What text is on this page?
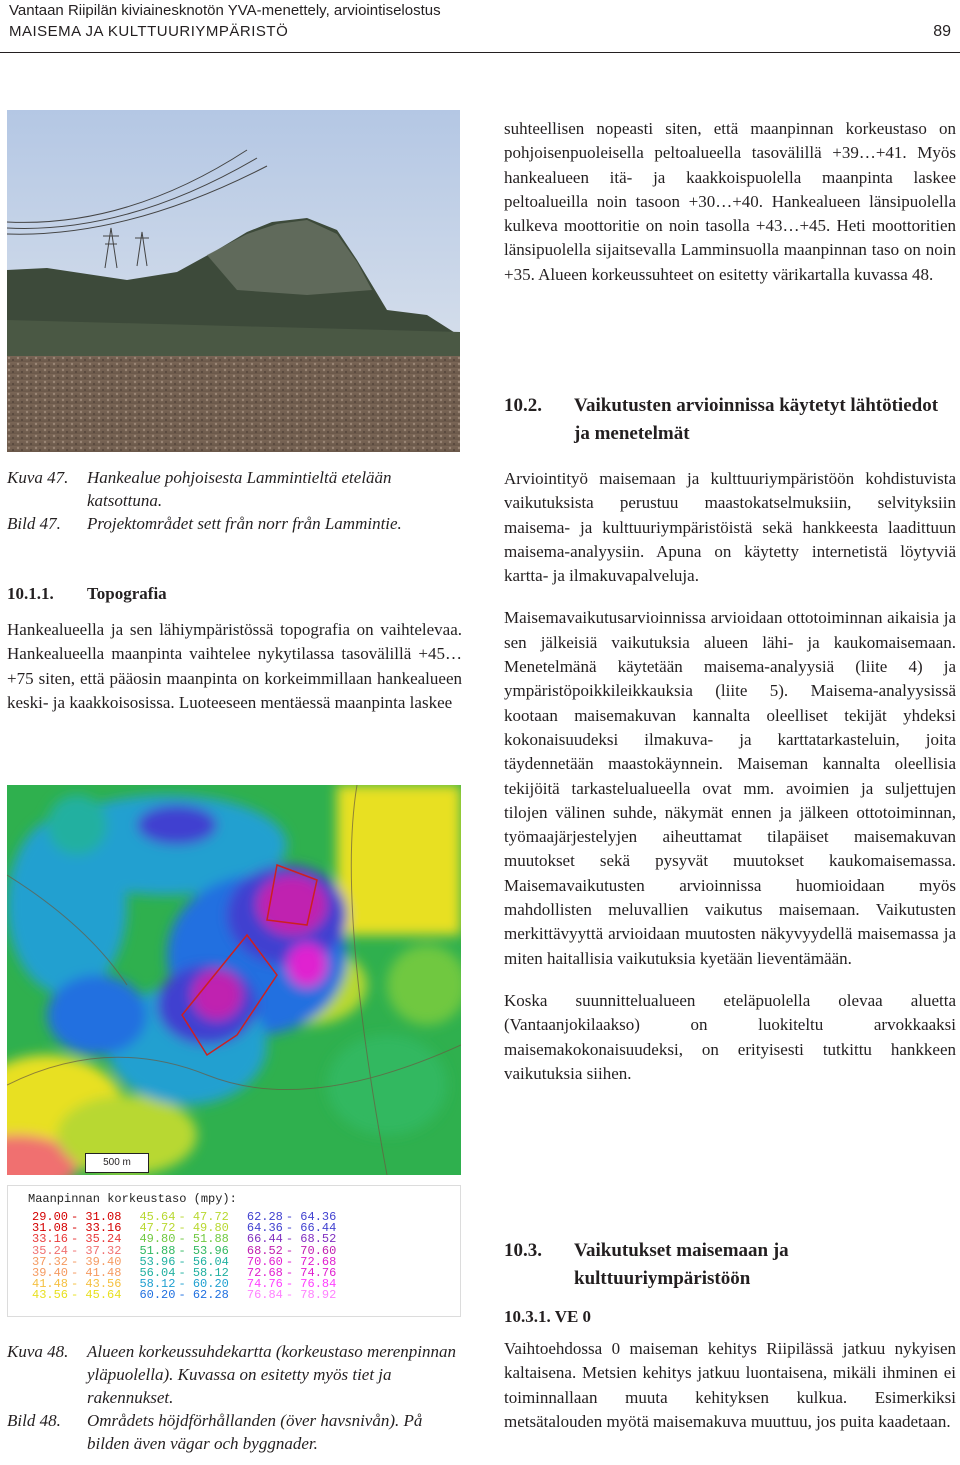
Vantaan Riipilän kiviainesknotön YVA-menettely, arviointiselostus
MAISEMA JA KULTTUURIYMPÄRISTÖ	89
Kuva 47.	Hankealue pohjoisesta Lammintieltä etelään katsottuna.
Bild 47.	Projektområdet sett från norr från Lammintie.
10.1.1.	Topografia

Hankealueella ja sen lähiympäristössä topografia on vaihtelevaa. Hankealueella maanpinta vaihtelee nykytilassa tasovälillä +45…+75 siten, että pääosin maanpinta on korkeimmillaan hankealueen keski- ja kaakkoisosissa. Luoteeseen mentäessä maanpinta laskee

500 m
Maanpinnan korkeustaso (mpy):
29.00	- 31.08	45.64	- 47.72	62.28	- 64.36
31.08	- 33.16	47.72	- 49.80	64.36	- 66.44
33.16	- 35.24	49.80	- 51.88	66.44	- 68.52
35.24	- 37.32	51.88	- 53.96	68.52	- 70.60
37.32	- 39.40	53.96	- 56.04	70.60	- 72.68
39.40	- 41.48	56.04	- 58.12	72.68	- 74.76
41.48	- 43.56	58.12	- 60.20	74.76	- 76.84
43.56	- 45.64	60.20	- 62.28	76.84	- 78.92
Kuva 48.	Alueen korkeussuhdekartta (korkeustaso merenpinnan yläpuolella). Kuvassa on esitetty myös tiet ja rakennukset.
Bild 48.	Områdets höjdförhållanden (över havsnivån). På bilden även vägar och byggnader.

suhteellisen nopeasti siten, että maanpinnan korkeustaso on pohjoisenpuoleisella peltoalueella tasovälillä +39…+41. Myös hankealueen itä- ja kaakkoispuolella maanpinta laskee peltoalueilla noin tasoon +30…+40. Hankealueen länsipuolella kulkeva moottoritie on noin tasolla +43…+45. Heti moottoritien länsipuolella sijaitsevalla Lamminsuolla maanpinnan taso on noin +35. Alueen korkeussuhteet on esitetty värikartalla kuvassa 48.

10.2.	Vaikutusten arvioinnissa käytetyt lähtötiedot ja menetelmät

Arviointityö maisemaan ja kulttuuriympäristöön kohdistuvista vaikutuksista perustuu maastokatselmuksiin, selvityksiin maisema- ja kulttuuriympäristöistä sekä hankkeesta laadittuun maisema-analyysiin. Apuna on käytetty internetistä löytyviä kartta- ja ilmakuvapalveluja.

Maisemavaikutusarvioinnissa arvioidaan ottotoiminnan aikaisia ja sen jälkeisiä vaikutuksia alueen lähi- ja kaukomaisemaan. Menetelmänä käytetään maisema-analyysiä (liite 4) ja ympäristöpoikkileikkauksia (liite 5). Maisema-analyysissä kootaan maisemakuvan kannalta oleelliset tekijät yhdeksi kokonaisuudeksi ilmakuva- ja karttatarkasteluin, joita täydennetään maastokäynnein. Maiseman kannalta oleellisia tekijöitä tarkastelualueella ovat mm. avoimien ja suljettujen tilojen välinen suhde, näkymät ennen ja jälkeen ottotoiminnan, työmaajärjestelyjen aiheuttamat tilapäiset maisemakuvan muutokset sekä pysyvät muutokset kaukomaisemassa. Maisemavaikutusten arvioinnissa huomioidaan myös mahdollisten meluvallien vaikutus maisemaan. Vaikutusten merkittävyyttä arvioidaan muutosten näkyvyydellä maisemassa ja miten haitallisia vaikutuksia kyetään lieventämään.

Koska suunnittelualueen eteläpuolella olevaa aluetta (Vantaanjokilaakso) on luokiteltu arvokkaaksi maisemakokonaisuudeksi, on erityisesti tutkittu hankkeen vaikutuksia siihen.

10.3.	Vaikutukset maisemaan ja kulttuuriympäristöön
10.3.1. VE 0

Vaihtoehdossa 0 maiseman kehitys Riipilässä jatkuu nykyisen kaltaisena. Metsien kehitys jatkuu luontaisena, mikäli ihminen ei toiminnallaan muuta kehityksen kulkua. Esimerkiksi metsätalouden myötä maisemakuva muuttuu, jos puita kaadetaan.
